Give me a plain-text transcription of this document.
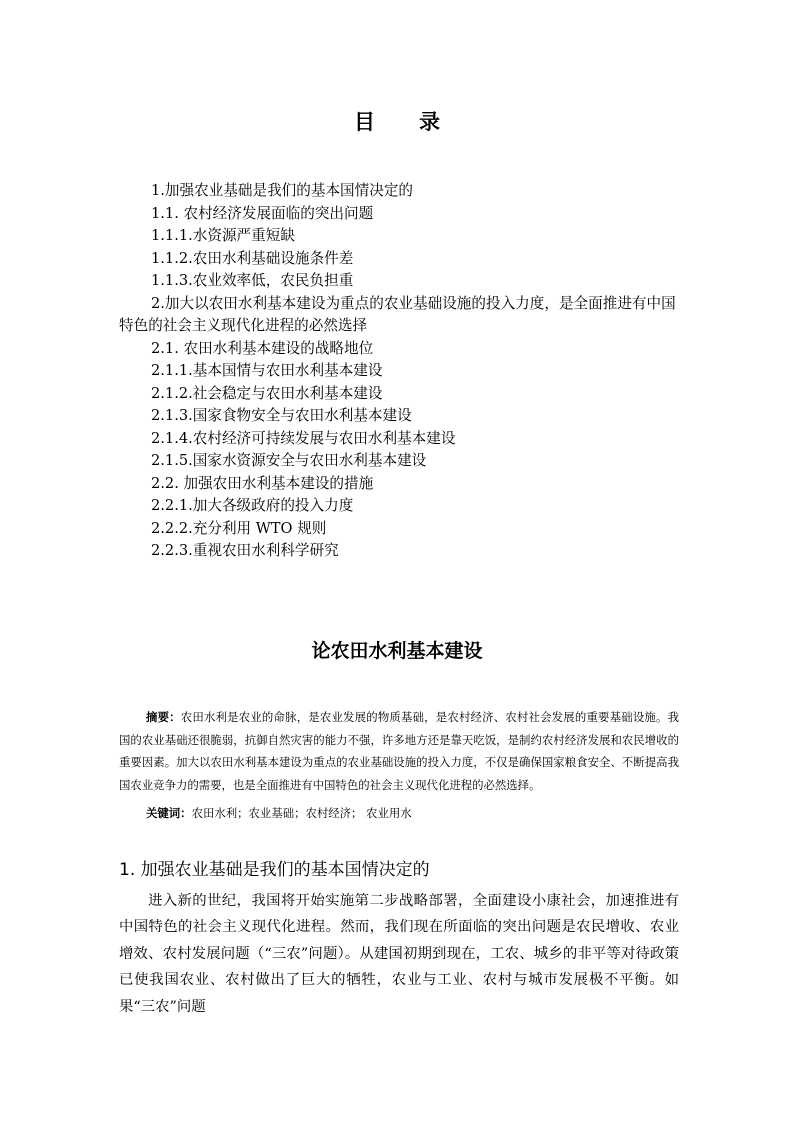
目 录
1.加强农业基础是我们的基本国情决定的
1.1. 农村经济发展面临的突出问题
1.1.1.水资源严重短缺
1.1.2.农田水利基础设施条件差
1.1.3.农业效率低，农民负担重
2.加大以农田水利基本建设为重点的农业基础设施的投入力度，是全面推进有中国特色的社会主义现代化进程的必然选择
2.1. 农田水利基本建设的战略地位
2.1.1.基本国情与农田水利基本建设
2.1.2.社会稳定与农田水利基本建设
2.1.3.国家食物安全与农田水利基本建设
2.1.4.农村经济可持续发展与农田水利基本建设
2.1.5.国家水资源安全与农田水利基本建设
2.2. 加强农田水利基本建设的措施
2.2.1.加大各级政府的投入力度
2.2.2.充分利用 WTO 规则
2.2.3.重视农田水利科学研究
论农田水利基本建设
摘要：农田水利是农业的命脉，是农业发展的物质基础，是农村经济、农村社会发展的重要基础设施。我国的农业基础还很脆弱，抗御自然灾害的能力不强，许多地方还是靠天吃饭，是制约农村经济发展和农民增收的重要因素。加大以农田水利基本建设为重点的农业基础设施的投入力度，不仅是确保国家粮食安全、不断提高我国农业竞争力的需要，也是全面推进有中国特色的社会主义现代化进程的必然选择。
关键词：农田水利；农业基础；农村经济； 农业用水
1. 加强农业基础是我们的基本国情决定的
进入新的世纪，我国将开始实施第二步战略部署，全面建设小康社会，加速推进有中国特色的社会主义现代化进程。然而，我们现在所面临的突出问题是农民增收、农业增效、农村发展问题（“三农”问题）。从建国初期到现在，工农、城乡的非平等对待政策已使我国农业、农村做出了巨大的牺牲，农业与工业、农村与城市发展极不平衡。如果“三农”问题
